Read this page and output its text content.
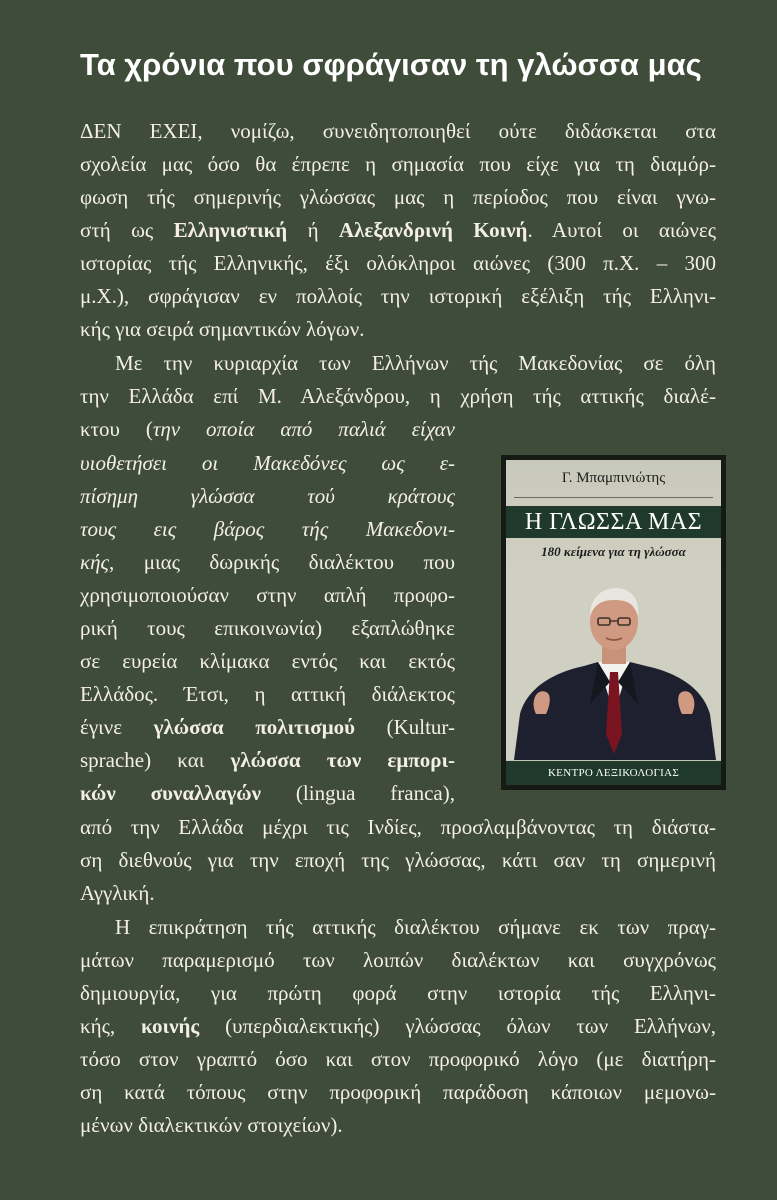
Τα χρόνια που σφράγισαν τη γλώσσα μας
ΔΕΝ ΕΧΕΙ, νομίζω, συνειδητοποιηθεί ούτε διδάσκεται στα
σχολεία μας όσο θα έπρεπε η σημασία που είχε για τη διαμόρ-
φωση τής σημερινής γλώσσας μας η περίοδος που είναι γνω-
στή ως Ελληνιστική ή Αλεξανδρινή Κοινή. Αυτοί οι αιώνες
ιστορίας τής Ελληνικής, έξι ολόκληροι αιώνες (300 π.Χ. – 300
μ.Χ.), σφράγισαν εν πολλοίς την ιστορική εξέλιξη τής Ελληνι-
κής για σειρά σημαντικών λόγων.
Με την κυριαρχία των Ελλήνων τής Μακεδονίας σε όλη
την Ελλάδα επί Μ. Αλεξάνδρου, η χρήση τής αττικής διαλέ-
κτου (την οποία από παλιά είχαν
υιοθετήσει οι Μακεδόνες ως ε-
πίσημη γλώσσα τού κράτους
τους εις βάρος τής Μακεδονι-
κής, μιας δωρικής διαλέκτου που
χρησιμοποιούσαν στην απλή προφο-
ρική τους επικοινωνία) εξαπλώθηκε
σε ευρεία κλίμακα εντός και εκτός
Ελλάδος. Έτσι, η αττική διάλεκτος
έγινε γλώσσα πολιτισμού (Kultur-
sprache) και γλώσσα των εμπορι-
κών συναλλαγών (lingua franca),
από την Ελλάδα μέχρι τις Ινδίες, προσλαμβάνοντας τη διάστα-
ση διεθνούς για την εποχή της γλώσσας, κάτι σαν τη σημερινή
Αγγλική.
Η επικράτηση τής αττικής διαλέκτου σήμανε εκ των πραγ-
μάτων παραμερισμό των λοιπών διαλέκτων και συγχρόνως
δημιουργία, για πρώτη φορά στην ιστορία τής Ελληνι-
κής, κοινής (υπερδιαλεκτικής) γλώσσας όλων των Ελλήνων,
τόσο στον γραπτό όσο και στον προφορικό λόγο (με διατήρη-
ση κατά τόπους στην προφορική παράδοση κάποιων μεμονω-
μένων διαλεκτικών στοιχείων).
Γ. Μπαμπινιώτης
Η ΓΛΩΣΣΑ ΜΑΣ
180 κείμενα για τη γλώσσα
ΚΕΝΤΡΟ ΛΕΞΙΚΟΛΟΓΙΑΣ
